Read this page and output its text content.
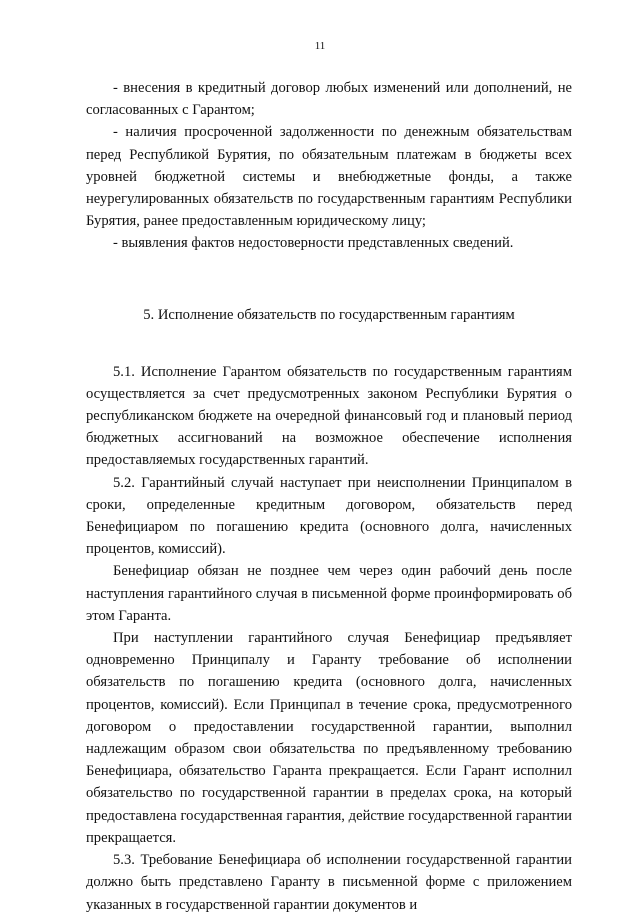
11

- внесения в кредитный договор любых изменений или дополнений, не согласованных с Гарантом;

- наличия просроченной задолженности по денежным обязательствам перед Республикой Бурятия, по обязательным платежам в бюджеты всех уровней бюджетной системы и внебюджетные фонды, а также неурегулированных обязательств по государственным гарантиям Республики Бурятия, ранее предоставленным юридическому лицу;

- выявления фактов недостоверности представленных сведений.

5. Исполнение обязательств по государственным гарантиям

5.1. Исполнение Гарантом обязательств по государственным гарантиям осуществляется за счет предусмотренных законом Республики Бурятия о республиканском бюджете на очередной финансовый год и плановый период бюджетных ассигнований на возможное обеспечение исполнения предоставляемых государственных гарантий.

5.2. Гарантийный случай наступает при неисполнении Принципалом в сроки, определенные кредитным договором, обязательств перед Бенефициаром по погашению кредита (основного долга, начисленных процентов, комиссий).

Бенефициар обязан не позднее чем через один рабочий день после наступления гарантийного случая в письменной форме проинформировать об этом Гаранта.

При наступлении гарантийного случая Бенефициар предъявляет одновременно Принципалу и Гаранту требование об исполнении обязательств по погашению кредита (основного долга, начисленных процентов, комиссий). Если Принципал в течение срока, предусмотренного договором о предоставлении государственной гарантии, выполнил надлежащим образом свои обязательства по предъявленному требованию Бенефициара, обязательство Гаранта прекращается. Если Гарант исполнил обязательство по государственной гарантии в пределах срока, на который предоставлена государственная гарантия, действие государственной гарантии прекращается.

5.3. Требование Бенефициара об исполнении государственной гарантии должно быть представлено Гаранту в письменной форме с приложением указанных в государственной гарантии документов и
